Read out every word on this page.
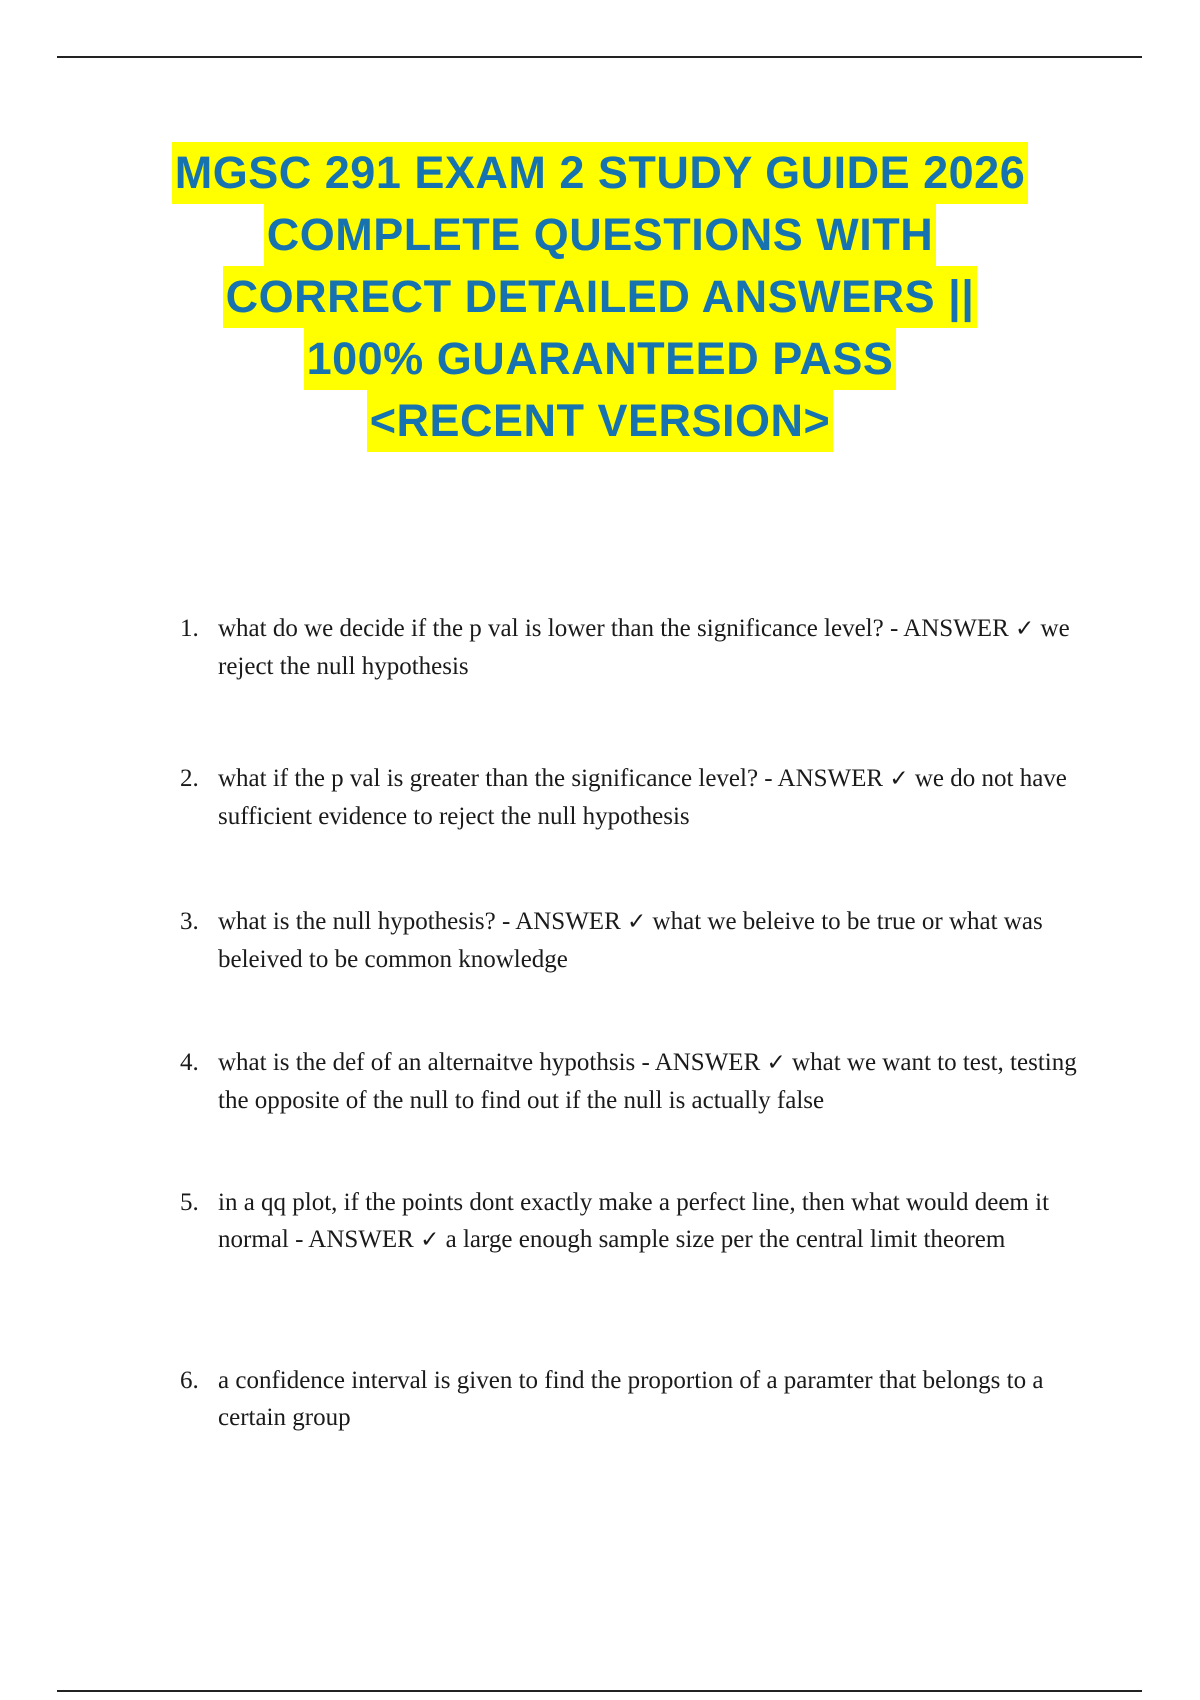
MGSC 291 EXAM 2 STUDY GUIDE 2026
COMPLETE QUESTIONS WITH
CORRECT DETAILED ANSWERS ||
100% GUARANTEED PASS
<RECENT VERSION>
1. what do we decide if the p val is lower than the significance level? - ANSWER ✓ we reject the null hypothesis
2. what if the p val is greater than the significance level? - ANSWER ✓ we do not have sufficient evidence to reject the null hypothesis
3. what is the null hypothesis? - ANSWER ✓ what we beleive to be true or what was beleived to be common knowledge
4. what is the def of an alternaitve hypothsis - ANSWER ✓ what we want to test, testing the opposite of the null to find out if the null is actually false
5. in a qq plot, if the points dont exactly make a perfect line, then what would deem it normal - ANSWER ✓ a large enough sample size per the central limit theorem
6. a confidence interval is given to find the proportion of a paramter that belongs to a certain group
